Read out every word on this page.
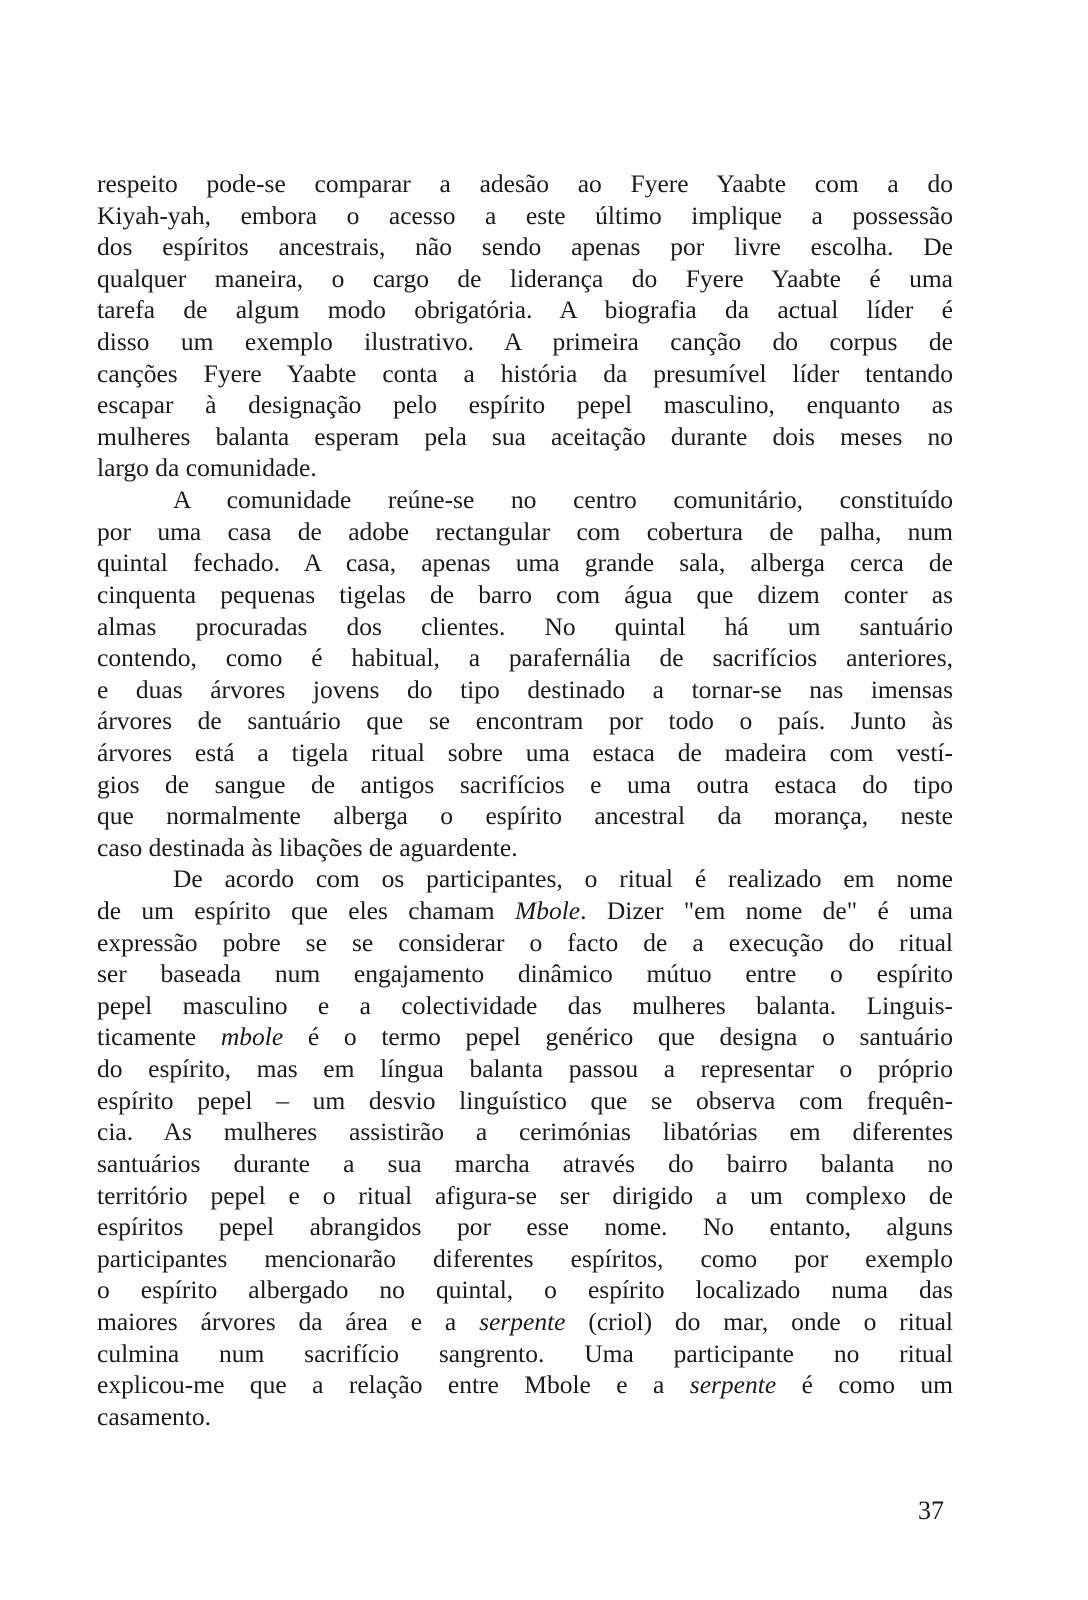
respeito pode-se comparar a adesão ao Fyere Yaabte com a do
Kiyah-yah, embora o acesso a este último implique a possessão
dos espíritos ancestrais, não sendo apenas por livre escolha. De
qualquer maneira, o cargo de liderança do Fyere Yaabte é uma
tarefa de algum modo obrigatória. A biografia da actual líder é
disso um exemplo ilustrativo. A primeira canção do corpus de
canções Fyere Yaabte conta a história da presumível líder tentando
escapar à designação pelo espírito pepel masculino, enquanto as
mulheres balanta esperam pela sua aceitação durante dois meses no
largo da comunidade.
A comunidade reúne-se no centro comunitário, constituído
por uma casa de adobe rectangular com cobertura de palha, num
quintal fechado. A casa, apenas uma grande sala, alberga cerca de
cinquenta pequenas tigelas de barro com água que dizem conter as
almas procuradas dos clientes. No quintal há um santuário
contendo, como é habitual, a parafernália de sacrifícios anteriores,
e duas árvores jovens do tipo destinado a tornar-se nas imensas
árvores de santuário que se encontram por todo o país. Junto às
árvores está a tigela ritual sobre uma estaca de madeira com vestí-
gios de sangue de antigos sacrifícios e uma outra estaca do tipo
que normalmente alberga o espírito ancestral da morança, neste
caso destinada às libações de aguardente.
De acordo com os participantes, o ritual é realizado em nome
de um espírito que eles chamam Mbole. Dizer "em nome de" é uma
expressão pobre se se considerar o facto de a execução do ritual
ser baseada num engajamento dinâmico mútuo entre o espírito
pepel masculino e a colectividade das mulheres balanta. Linguis-
ticamente mbole é o termo pepel genérico que designa o santuário
do espírito, mas em língua balanta passou a representar o próprio
espírito pepel – um desvio linguístico que se observa com frequên-
cia. As mulheres assistirão a cerimónias libatórias em diferentes
santuários durante a sua marcha através do bairro balanta no
território pepel e o ritual afigura-se ser dirigido a um complexo de
espíritos pepel abrangidos por esse nome. No entanto, alguns
participantes mencionarão diferentes espíritos, como por exemplo
o espírito albergado no quintal, o espírito localizado numa das
maiores árvores da área e a serpente (criol) do mar, onde o ritual
culmina num sacrifício sangrento. Uma participante no ritual
explicou-me que a relação entre Mbole e a serpente é como um
casamento.
37
